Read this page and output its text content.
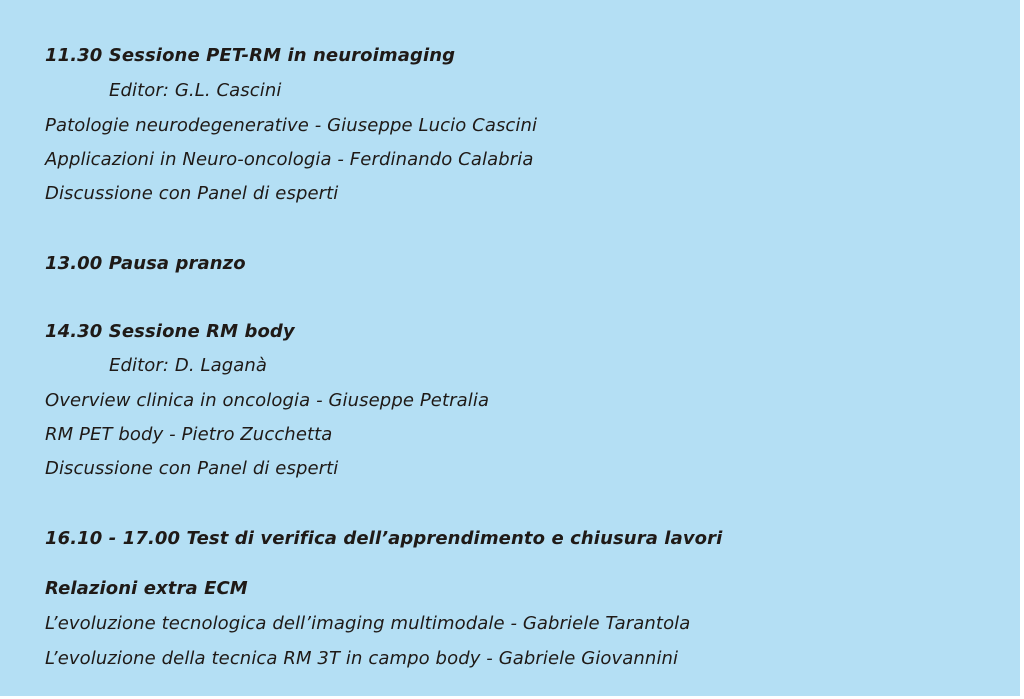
11.30 Sessione PET-RM in neuroimaging
Editor: G.L. Cascini
Patologie neurodegenerative - Giuseppe Lucio Cascini
Applicazioni in Neuro-oncologia - Ferdinando Calabria
Discussione con Panel di esperti
13.00 Pausa pranzo
14.30 Sessione RM body
Editor: D. Laganà
Overview clinica in oncologia - Giuseppe Petralia
RM PET body - Pietro Zucchetta
Discussione con Panel di esperti
16.10 - 17.00 Test di verifica dell’apprendimento e chiusura lavori
Relazioni extra ECM
L’evoluzione tecnologica dell’imaging multimodale - Gabriele Tarantola
L’evoluzione della tecnica RM 3T in campo body - Gabriele Giovannini
